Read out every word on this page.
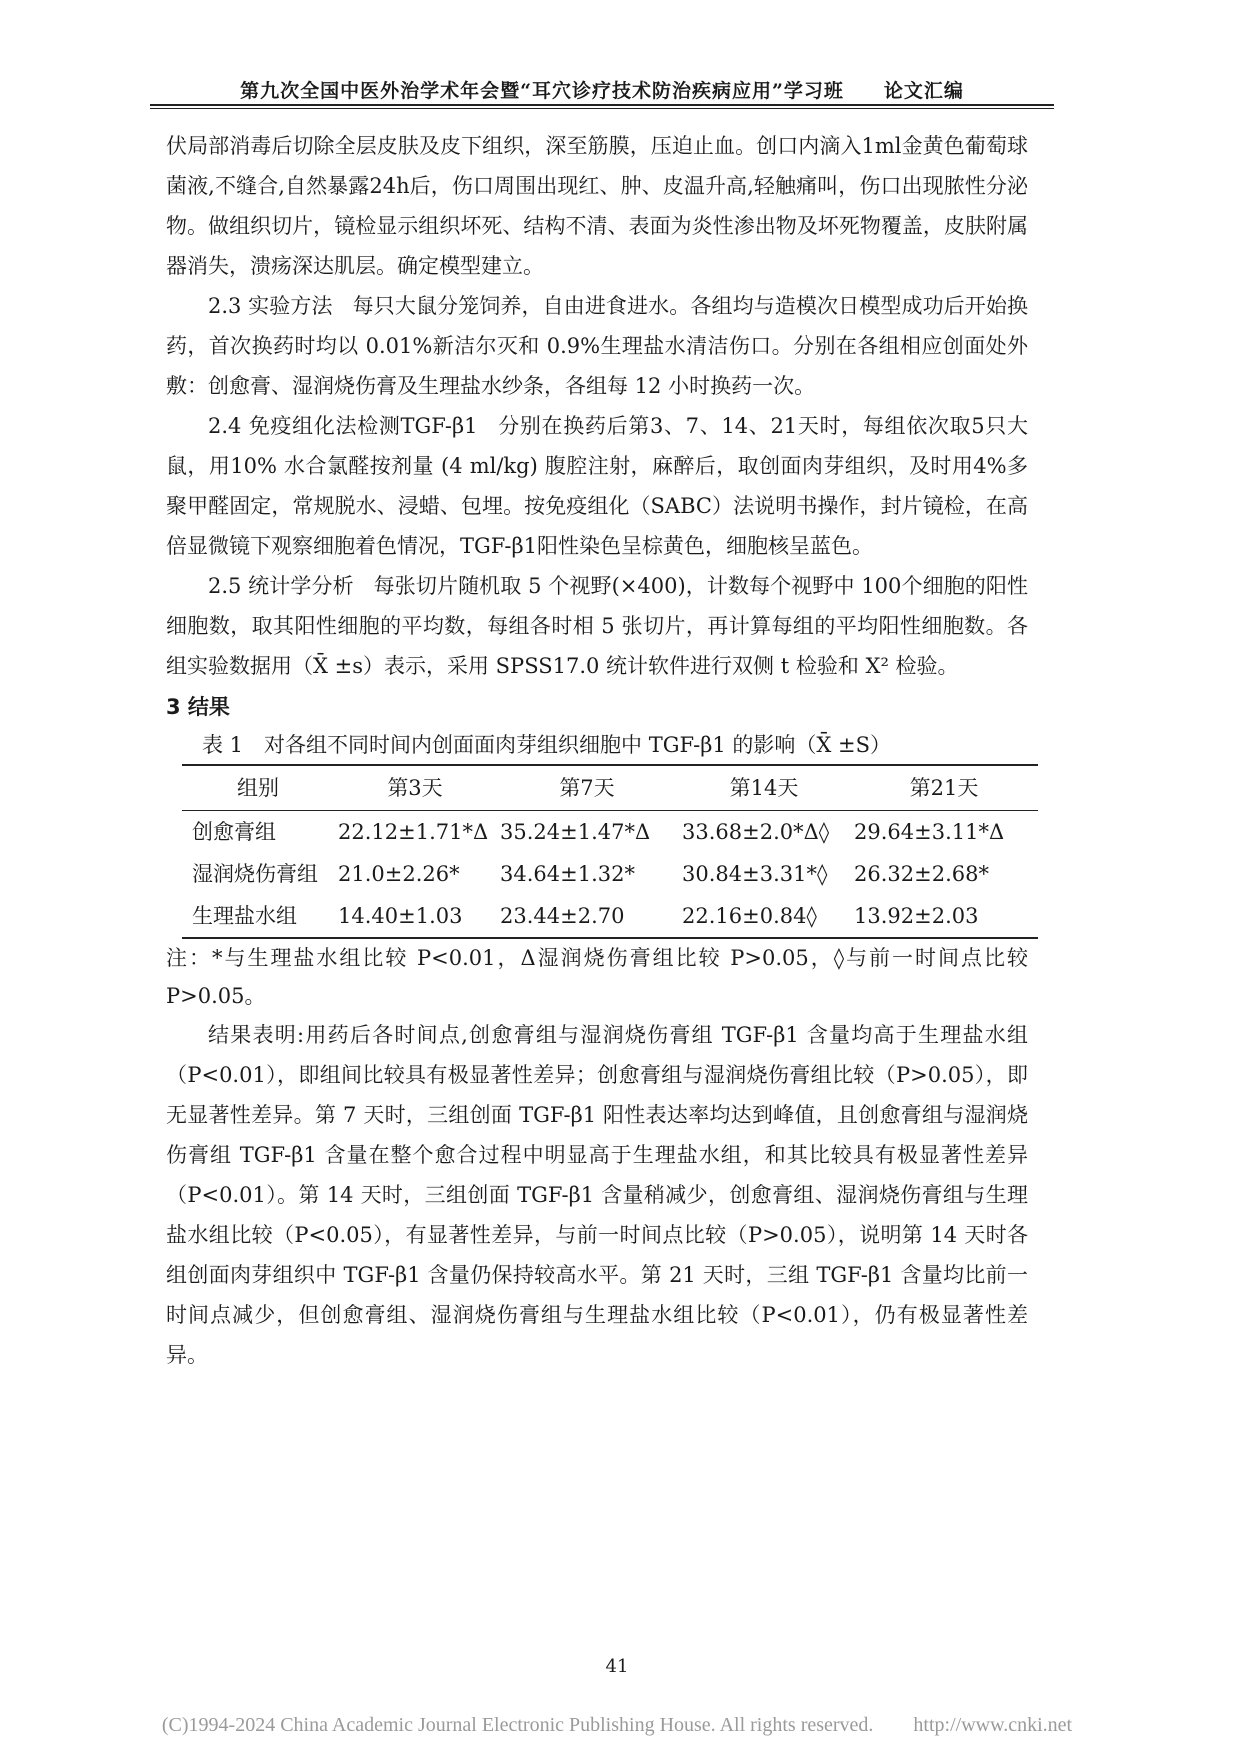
第九次全国中医外治学术年会暨“耳穴诊疗技术防治疾病应用”学习班　　论文汇编

伏局部消毒后切除全层皮肤及皮下组织，深至筋膜，压迫止血。创口内滴入1ml金黄色葡萄球菌液,不缝合,自然暴露24h后，伤口周围出现红、肿、皮温升高,轻触痛叫，伤口出现脓性分泌物。做组织切片，镜检显示组织坏死、结构不清、表面为炎性渗出物及坏死物覆盖，皮肤附属器消失，溃疡深达肌层。确定模型建立。

2.3 实验方法 每只大鼠分笼饲养，自由进食进水。各组均与造模次日模型成功后开始换药，首次换药时均以 0.01%新洁尔灭和 0.9%生理盐水清洁伤口。分别在各组相应创面处外敷：创愈膏、湿润烧伤膏及生理盐水纱条，各组每 12 小时换药一次。

2.4 免疫组化法检测TGF-β1 分别在换药后第3、7、14、21天时，每组依次取5只大鼠，用10% 水合氯醛按剂量 (4 ml/kg) 腹腔注射，麻醉后，取创面肉芽组织，及时用4%多聚甲醛固定，常规脱水、浸蜡、包埋。按免疫组化（SABC）法说明书操作，封片镜检，在高倍显微镜下观察细胞着色情况，TGF-β1阳性染色呈棕黄色，细胞核呈蓝色。

2.5 统计学分析 每张切片随机取 5 个视野(×400)，计数每个视野中 100个细胞的阳性细胞数，取其阳性细胞的平均数，每组各时相 5 张切片，再计算每组的平均阳性细胞数。各组实验数据用（X̄ ±s）表示，采用 SPSS17.0 统计软件进行双侧 t 检验和 X² 检验。

3 结果
表 1　对各组不同时间内创面面肉芽组织细胞中 TGF-β1 的影响（X̄ ±S）
组别	第3天	第7天	第14天	第21天
创愈膏组	22.12±1.71*Δ	35.24±1.47*Δ	33.68±2.0*Δ◊	29.64±3.11*Δ
湿润烧伤膏组	21.0±2.26*	34.64±1.32*	30.84±3.31*◊	26.32±2.68*
生理盐水组	14.40±1.03	23.44±2.70	22.16±0.84◊	13.92±2.03

注：*与生理盐水组比较 P<0.01，Δ湿润烧伤膏组比较 P>0.05，◊与前一时间点比较 P>0.05。

结果表明:用药后各时间点,创愈膏组与湿润烧伤膏组 TGF-β1 含量均高于生理盐水组（P<0.01），即组间比较具有极显著性差异；创愈膏组与湿润烧伤膏组比较（P>0.05），即无显著性差异。第 7 天时，三组创面 TGF-β1 阳性表达率均达到峰值，且创愈膏组与湿润烧伤膏组 TGF-β1 含量在整个愈合过程中明显高于生理盐水组，和其比较具有极显著性差异（P<0.01）。第 14 天时，三组创面 TGF-β1 含量稍减少，创愈膏组、湿润烧伤膏组与生理盐水组比较（P<0.05），有显著性差异，与前一时间点比较（P>0.05），说明第 14 天时各组创面肉芽组织中 TGF-β1 含量仍保持较高水平。第 21 天时，三组 TGF-β1 含量均比前一时间点减少，但创愈膏组、湿润烧伤膏组与生理盐水组比较（P<0.01），仍有极显著性差异。

41
(C)1994-2024 China Academic Journal Electronic Publishing House. All rights reserved.　　http://www.cnki.net
